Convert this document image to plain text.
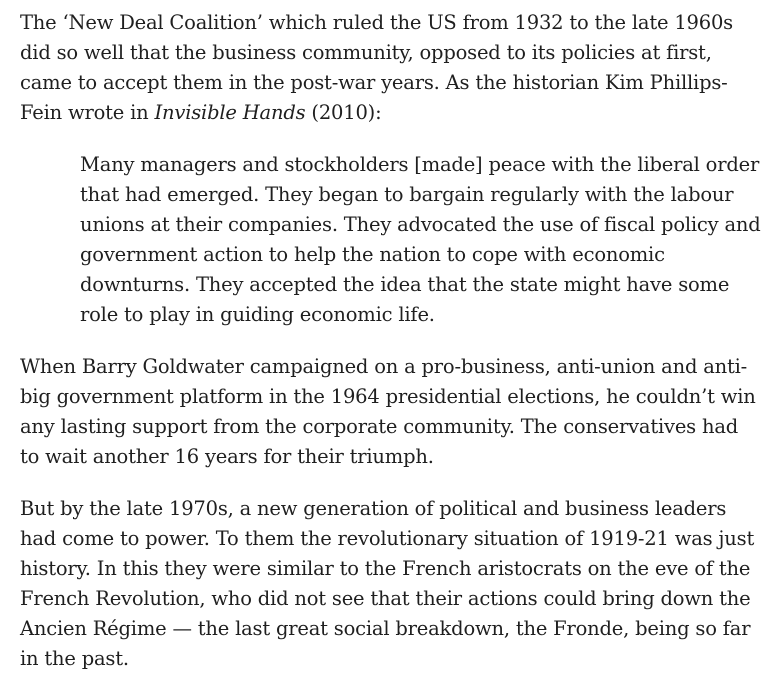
The ‘New Deal Coalition’ which ruled the US from 1932 to the late 1960s did so well that the business community, opposed to its policies at first, came to accept them in the post-war years. As the historian Kim Phillips-Fein wrote in Invisible Hands (2010):

Many managers and stockholders [made] peace with the liberal order that had emerged. They began to bargain regularly with the labour unions at their companies. They advocated the use of fiscal policy and government action to help the nation to cope with economic downturns. They accepted the idea that the state might have some role to play in guiding economic life.

When Barry Goldwater campaigned on a pro-business, anti-union and anti-big government platform in the 1964 presidential elections, he couldn’t win any lasting support from the corporate community. The conservatives had to wait another 16 years for their triumph.

But by the late 1970s, a new generation of political and business leaders had come to power. To them the revolutionary situation of 1919-21 was just history. In this they were similar to the French aristocrats on the eve of the French Revolution, who did not see that their actions could bring down the Ancien Régime — the last great social breakdown, the Fronde, being so far in the past.
